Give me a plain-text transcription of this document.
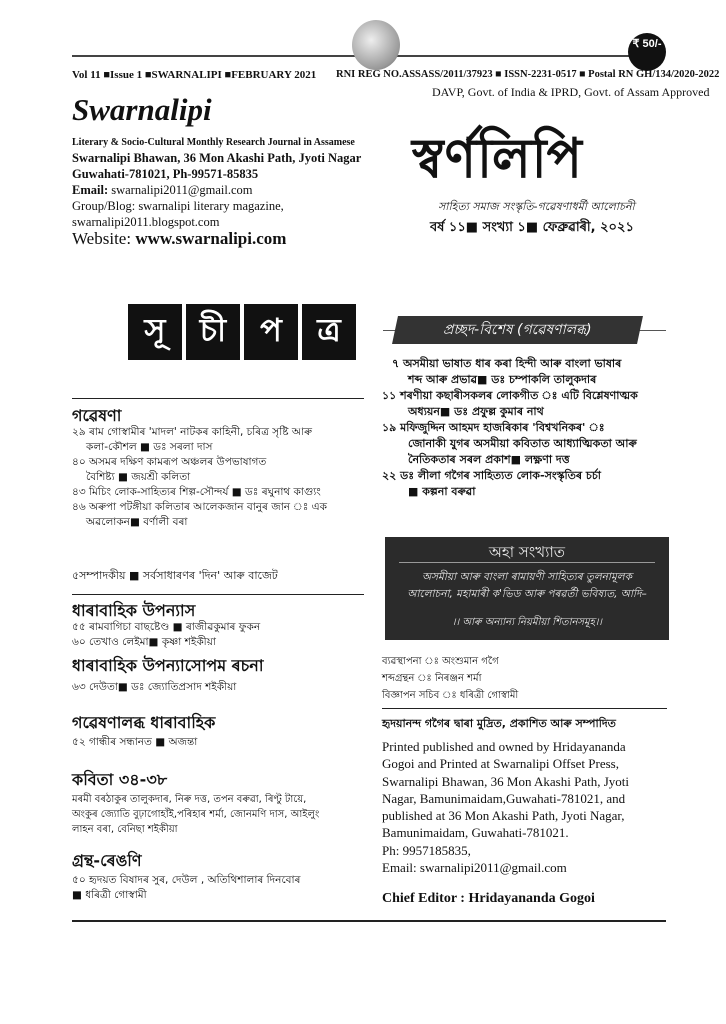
₹ 50/-
Vol 11 ■Issue 1 ■SWARNALIPI ■FEBRUARY 2021 RNI REG NO.ASSASS/2011/37923 ■ ISSN-2231-0517 ■ Postal RN GH/134/2020-2022
DAVP, Govt. of India & IPRD, Govt. of Assam Approved
Swarnalipi
Literary & Socio-Cultural Monthly Research Journal in Assamese
Swarnalipi Bhawan, 36 Mon Akashi Path, Jyoti Nagar
Guwahati-781021, Ph-99571-85835
Email: swarnalipi2011@gmail.com
Group/Blog: swarnalipi literary magazine,
swarnalipi2011.blogspot.com
Website: www.swarnalipi.com
স্বৰ্ণলিপি
সাহিত্য সমাজ সংস্কৃতি-গৱেষণাধৰ্মী আলোচনী
বৰ্ষ ১১■ সংখ্যা ১■ ফেব্ৰুৱাৰী, ২০২১
সূ	চী	প	ত্ৰ	প্ৰচ্ছদ-বিশেষ (গৱেষণালব্ধ)
৭ অসমীয়া ভাষাত ধাৰ কৰা হিন্দী আৰু বাংলা ভাষাৰ
শব্দ আৰু প্ৰভাৱ■ ডঃ চম্পাকলি তালুকদাৰ
১১ শৰণীয়া কছাৰীসকলৰ লোকগীত ঃ এটি বিশ্লেষণাত্মক
অধ্যয়ন■ ডঃ প্ৰফুল্ল কুমাৰ নাথ
১৯ মফিজুদ্দিন আহমদ হাজৰিকাৰ 'বিশ্বখনিকৰ' ঃ
জোনাকী যুগৰ অসমীয়া কবিতাত আধ্যাত্মিকতা আৰু
নৈতিকতাৰ সৰল প্ৰকাশ■ লক্ষ্ণণা দত্ত
২২ ডঃ লীলা গগৈৰ সাহিত্যত লোক-সংস্কৃতিৰ চৰ্চা
■ কল্পনা বৰুৱা
গৱেষণা
২৯ ৰাম গোস্বামীৰ 'মাদল' নাটকৰ কাহিনী, চৰিত্ৰ সৃষ্টি আৰু
কলা-কৌশল ■ ডঃ সৰলা দাস
৪০ অসমৰ দক্ষিণ কামৰূপ অঞ্চলৰ উপভাষাগত
বৈশিষ্ট্য ■ জয়শ্ৰী কলিতা
৪৩ মিচিং লোক-সাহিত্যৰ শিল্প-সৌন্দৰ্য ■ ডঃ ৰঘুনাথ কাগ্যুং
৪৬ অৰুপা পটঙ্গীয়া কলিতাৰ আলেকজান বানুৰ জান ঃ এক
অৱলোকন■ বৰ্ণালী বৰা
৫সম্পাদকীয় ■ সৰ্বসাধাৰণৰ 'দিন' আৰু বাজেট
ধাৰাবাহিক উপন্যাস
৫৫ ৰামবাগিচা বাছষ্টেণ্ড ■ ৰাজীৱকুমাৰ ফুকন
৬০ তেখাও লেইমা■ কৃষ্ণা শইকীয়া
ধাৰাবাহিক উপন্যাসোপম ৰচনা
৬৩ দেউতা■ ডঃ জ্যোতিপ্ৰসাদ শইকীয়া
গৱেষণালব্ধ ধাৰাবাহিক
৫২ গান্ধীৰ সন্ধানত ■ অজন্তা
কবিতা ৩৪-৩৮
মৰমী বৰঠাকুৰ তালুকদাৰ, নিৰু দত্ত, তপন বৰুৱা, ৰিণ্টু টায়ে,
অংকুৰ জ্যোতি বুঢ়াগোহাঁই,পৰিহাৰ শৰ্মা, জোনমণি দাস, আইলুং
লাহন বৰা, বেনিছা শইকীয়া
গ্ৰন্থ-ৰেঙণি
৫০ হৃদয়ত বিষাদৰ সুৰ, দেউল , অতিথিশালাৰ দিনবোৰ
■ ধৰিত্ৰী গোস্বামী
অহা সংখ্যাত
অসমীয়া আৰু বাংলা ৰামায়ণী সাহিত্যৰ তুলনামূলক
আলোচনা, মহামাৰী ক'ভিড আৰু পৰৱৰ্তী ভবিষ্যত, আদি–
।। আৰু অন্যান্য নিয়মীয়া শিতানসমূহ।।
ব্যৱস্থাপনা ঃ অংশুমান গগৈ
শব্দগ্ৰন্থন ঃ নিৰঞ্জন শৰ্মা
বিজ্ঞাপন সচিব ঃ ধৰিত্ৰী গোস্বামী
হৃদয়ানন্দ গগৈৰ দ্বাৰা মুদ্ৰিত, প্ৰকাশিত আৰু সম্পাদিত
Printed published and owned by Hridayananda
Gogoi and Printed at Swarnalipi Offset Press,
Swarnalipi Bhawan, 36 Mon Akashi Path, Jyoti
Nagar, Bamunimaidam,Guwahati-781021, and
published at 36 Mon Akashi Path, Jyoti Nagar,
Bamunimaidam, Guwahati-781021.
Ph: 9957185835,
Email: swarnalipi2011@gmail.com
Chief Editor : Hridayananda Gogoi
